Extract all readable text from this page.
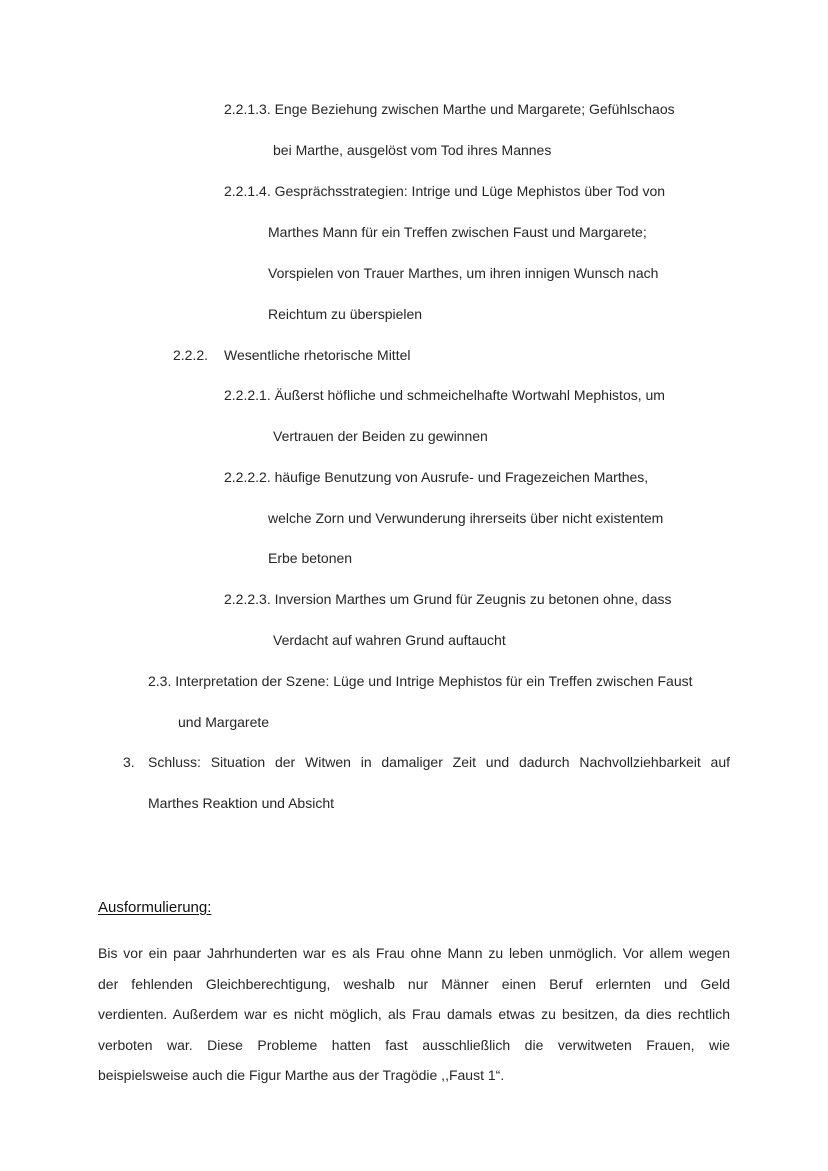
2.2.1.3. Enge Beziehung zwischen Marthe und Margarete; Gefühlschaos
bei Marthe, ausgelöst vom Tod ihres Mannes
2.2.1.4. Gesprächsstrategien: Intrige und Lüge Mephistos über Tod von
Marthes Mann für ein Treffen zwischen Faust und Margarete;
Vorspielen von Trauer Marthes, um ihren innigen Wunsch nach
Reichtum zu überspielen
2.2.2. Wesentliche rhetorische Mittel
2.2.2.1. Äußerst höfliche und schmeichelhafte Wortwahl Mephistos, um
Vertrauen der Beiden zu gewinnen
2.2.2.2. häufige Benutzung von Ausrufe- und Fragezeichen Marthes,
welche Zorn und Verwunderung ihrerseits über nicht existentem
Erbe betonen
2.2.2.3. Inversion Marthes um Grund für Zeugnis zu betonen ohne, dass
Verdacht auf wahren Grund auftaucht
2.3. Interpretation der Szene: Lüge und Intrige Mephistos für ein Treffen zwischen Faust
und Margarete
3. Schluss: Situation der Witwen in damaliger Zeit und dadurch Nachvollziehbarkeit auf
Marthes Reaktion und Absicht
Ausformulierung:
Bis vor ein paar Jahrhunderten war es als Frau ohne Mann zu leben unmöglich. Vor allem wegen
der fehlenden Gleichberechtigung, weshalb nur Männer einen Beruf erlernten und Geld
verdienten. Außerdem war es nicht möglich, als Frau damals etwas zu besitzen, da dies rechtlich
verboten war. Diese Probleme hatten fast ausschließlich die verwitweten Frauen, wie
beispielsweise auch die Figur Marthe aus der Tragödie ,,Faust 1“.
